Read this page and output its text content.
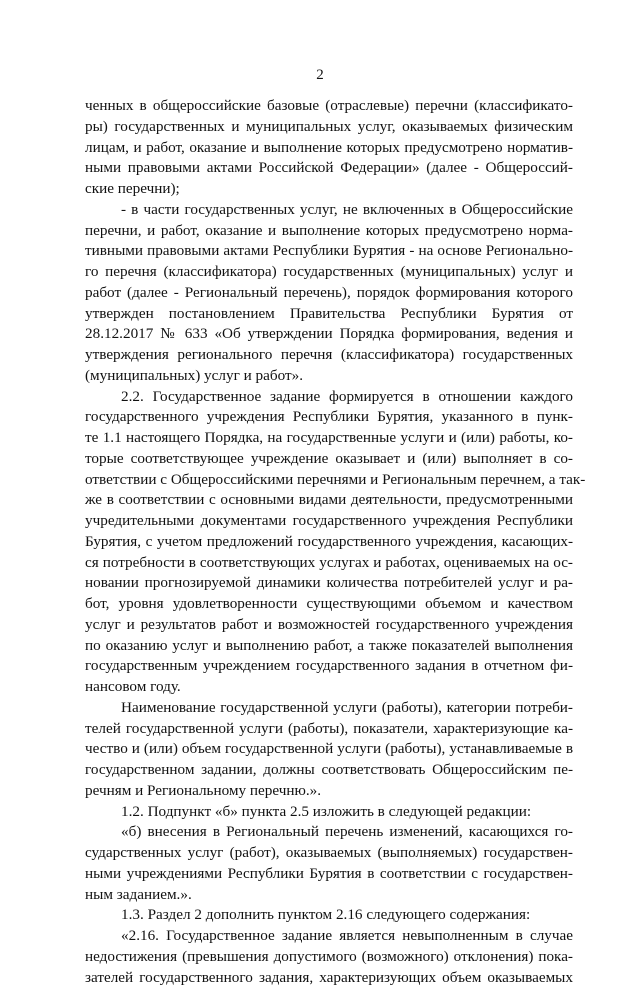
2
ченных в общероссийские базовые (отраслевые) перечни (классификато-
ры) государственных и муниципальных услуг, оказываемых физическим
лицам, и работ, оказание и выполнение которых предусмотрено норматив-
ными правовыми актами Российской Федерации» (далее - Общероссий-
ские перечни);
- в части государственных услуг, не включенных в Общероссийские
перечни, и работ, оказание и выполнение которых предусмотрено норма-
тивными правовыми актами Республики Бурятия - на основе Регионально-
го перечня (классификатора) государственных (муниципальных) услуг и
работ (далее - Региональный перечень), порядок формирования которого
утвержден постановлением Правительства Республики Бурятия от
28.12.2017 № 633 «Об утверждении Порядка формирования, ведения и
утверждения регионального перечня (классификатора) государственных
(муниципальных) услуг и работ».
2.2. Государственное задание формируется в отношении каждого
государственного учреждения Республики Бурятия, указанного в пунк-
те 1.1 настоящего Порядка, на государственные услуги и (или) работы, ко-
торые соответствующее учреждение оказывает и (или) выполняет в со-
ответствии с Общероссийскими перечнями и Региональным перечнем, а так-
же в соответствии с основными видами деятельности, предусмотренными
учредительными документами государственного учреждения Республики
Бурятия, с учетом предложений государственного учреждения, касающих-
ся потребности в соответствующих услугах и работах, оцениваемых на ос-
новании прогнозируемой динамики количества потребителей услуг и ра-
бот, уровня удовлетворенности существующими объемом и качеством
услуг и результатов работ и возможностей государственного учреждения
по оказанию услуг и выполнению работ, а также показателей выполнения
государственным учреждением государственного задания в отчетном фи-
нансовом году.
Наименование государственной услуги (работы), категории потреби-
телей государственной услуги (работы), показатели, характеризующие ка-
чество и (или) объем государственной услуги (работы), устанавливаемые в
государственном задании, должны соответствовать Общероссийским пе-
речням и Региональному перечню.».
1.2. Подпункт «б» пункта 2.5 изложить в следующей редакции:
«б) внесения в Региональный перечень изменений, касающихся го-
сударственных услуг (работ), оказываемых (выполняемых) государствен-
ными учреждениями Республики Бурятия в соответствии с государствен-
ным заданием.».
1.3. Раздел 2 дополнить пунктом 2.16 следующего содержания:
«2.16. Государственное задание является невыполненным в случае
недостижения (превышения допустимого (возможного) отклонения) пока-
зателей государственного задания, характеризующих объем оказываемых
